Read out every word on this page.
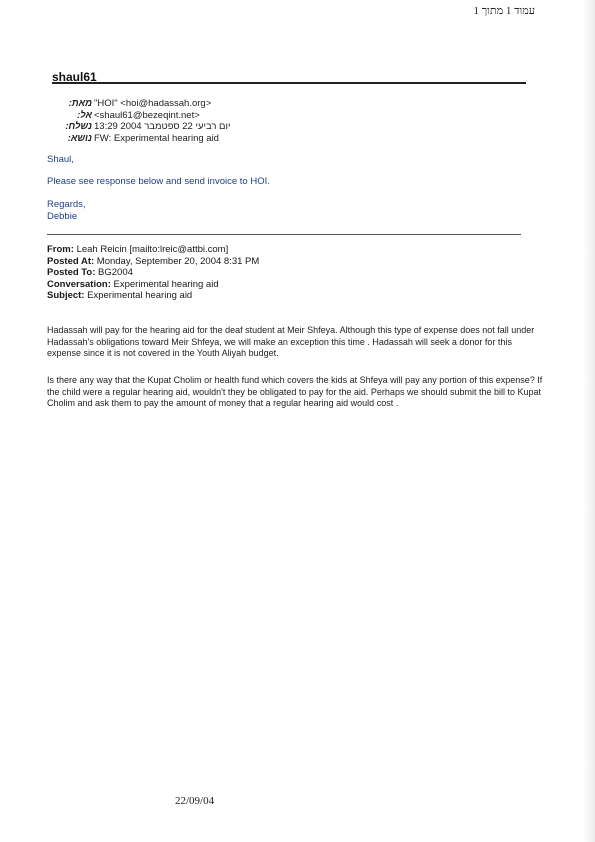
עמוד 1 מתוך 1
shaul61
מאת: "HOI" <hoi@hadassah.org>
אל: <shaul61@bezeqint.net>
נשלח: יום רביעי 22 ספטמבר 2004 13:29
נושא: FW: Experimental hearing aid
Shaul,
Please see response below and send invoice to HOI.
Regards,
Debbie
From: Leah Reicin [mailto:lreic@attbi.com]
Posted At: Monday, September 20, 2004 8:31 PM
Posted To: BG2004
Conversation: Experimental hearing aid
Subject: Experimental hearing aid
Hadassah will pay for the hearing aid for the deaf student at Meir Shfeya. Although this type of expense does not fall under Hadassah's obligations toward Meir Shfeya, we will make an exception this time . Hadassah will seek a donor for this expense since it is not covered in the Youth Aliyah budget.
Is there any way that the Kupat Cholim or health fund which covers the kids at Shfeya will pay any portion of this expense? If the child were a regular hearing aid, wouldn't they be obligated to pay for the aid. Perhaps we should submit the bill to Kupat Cholim and ask them to pay the amount of money that a regular hearing aid would cost .
22/09/04
